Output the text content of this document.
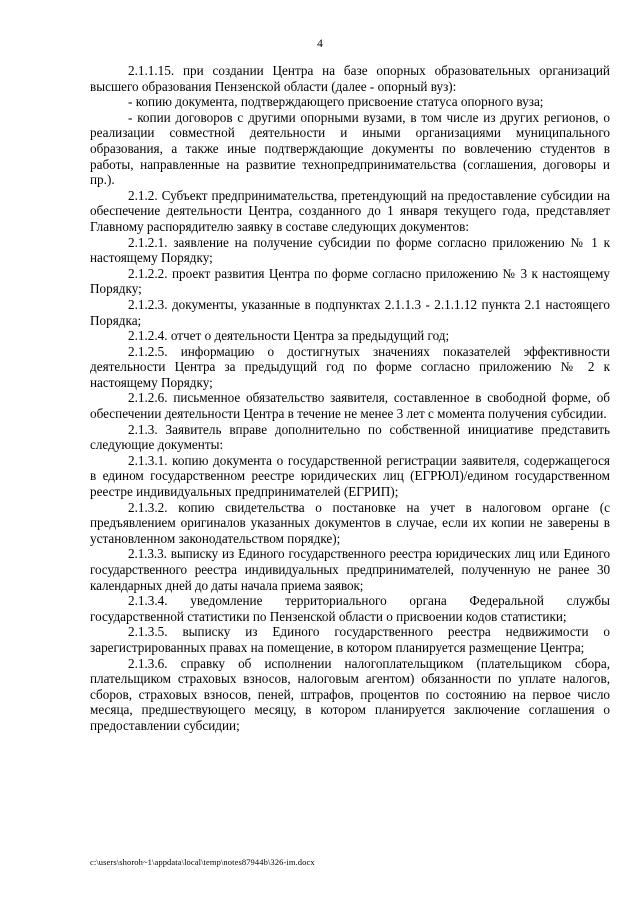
4

2.1.1.15. при создании Центра на базе опорных образовательных организаций высшего образования Пензенской области (далее - опорный вуз):

- копию документа, подтверждающего присвоение статуса опорного вуза;

- копии договоров с другими опорными вузами, в том числе из других регионов, о реализации совместной деятельности и иными организациями муниципального образования, а также иные подтверждающие документы по вовлечению студентов в работы, направленные на развитие технопредпринимательства (соглашения, договоры и пр.).

2.1.2. Субъект предпринимательства, претендующий на предоставление субсидии на обеспечение деятельности Центра, созданного до 1 января текущего года, представляет Главному распорядителю заявку в составе следующих документов:

2.1.2.1. заявление на получение субсидии по форме согласно приложению № 1 к настоящему Порядку;

2.1.2.2. проект развития Центра по форме согласно приложению № 3 к настоящему Порядку;

2.1.2.3. документы, указанные в подпунктах 2.1.1.3 - 2.1.1.12 пункта 2.1 настоящего Порядка;

2.1.2.4. отчет о деятельности Центра за предыдущий год;

2.1.2.5. информацию о достигнутых значениях показателей эффективности деятельности Центра за предыдущий год по форме согласно приложению № 2 к настоящему Порядку;

2.1.2.6. письменное обязательство заявителя, составленное в свободной форме, об обеспечении деятельности Центра в течение не менее 3 лет с момента получения субсидии.

2.1.3. Заявитель вправе дополнительно по собственной инициативе представить следующие документы:

2.1.3.1. копию документа о государственной регистрации заявителя, содержащегося в едином государственном реестре юридических лиц (ЕГРЮЛ)/едином государственном реестре индивидуальных предпринимателей (ЕГРИП);

2.1.3.2. копию свидетельства о постановке на учет в налоговом органе (с предъявлением оригиналов указанных документов в случае, если их копии не заверены в установленном законодательством порядке);

2.1.3.3. выписку из Единого государственного реестра юридических лиц или Единого государственного реестра индивидуальных предпринимателей, полученную не ранее 30 календарных дней до даты начала приема заявок;

2.1.3.4. уведомление территориального органа Федеральной службы государственной статистики по Пензенской области о присвоении кодов статистики;

2.1.3.5. выписку из Единого государственного реестра недвижимости о зарегистрированных правах на помещение, в котором планируется размещение Центра;

2.1.3.6. справку об исполнении налогоплательщиком (плательщиком сбора, плательщиком страховых взносов, налоговым агентом) обязанности по уплате налогов, сборов, страховых взносов, пеней, штрафов, процентов по состоянию на первое число месяца, предшествующего месяцу, в котором планируется заключение соглашения о предоставлении субсидии;

c:\users\shoroh~1\appdata\local\temp\notes87944b\326-im.docx
